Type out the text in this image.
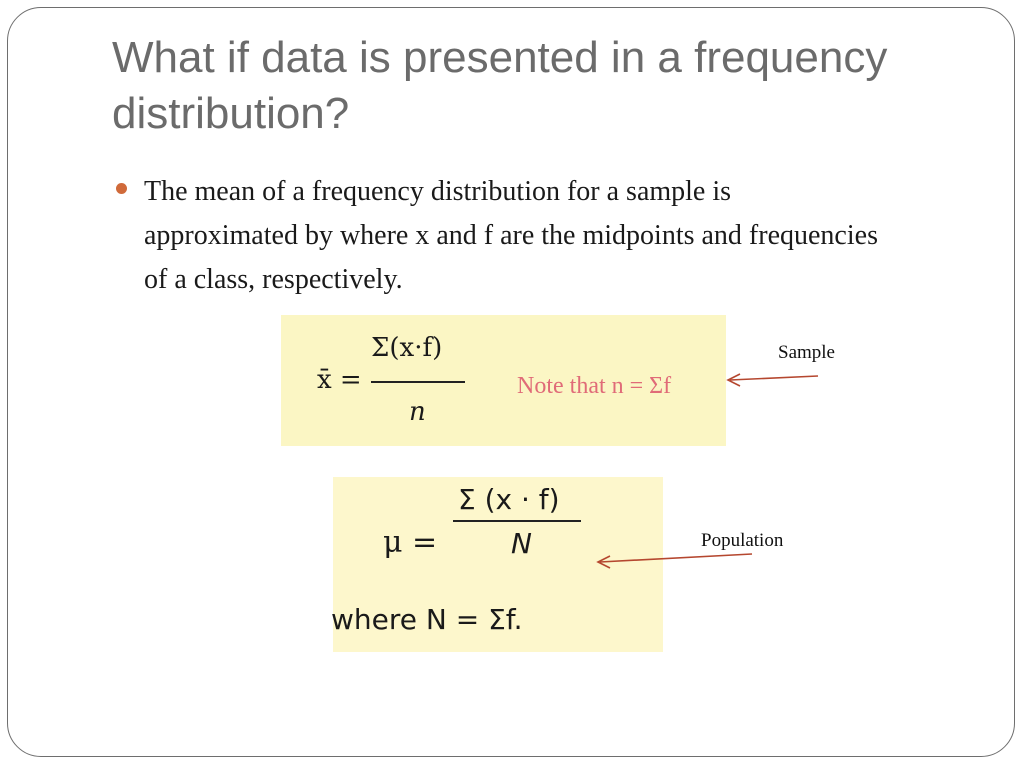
What if data is presented in a frequency distribution?
The mean of a frequency distribution for a sample is approximated by where x and f are the midpoints and frequencies of a class, respectively.
x̄ =
Σ(x·f)
n
Note that n = Σf
μ =
Σ (x · f)
N
where N = Σf.
Sample
Population
